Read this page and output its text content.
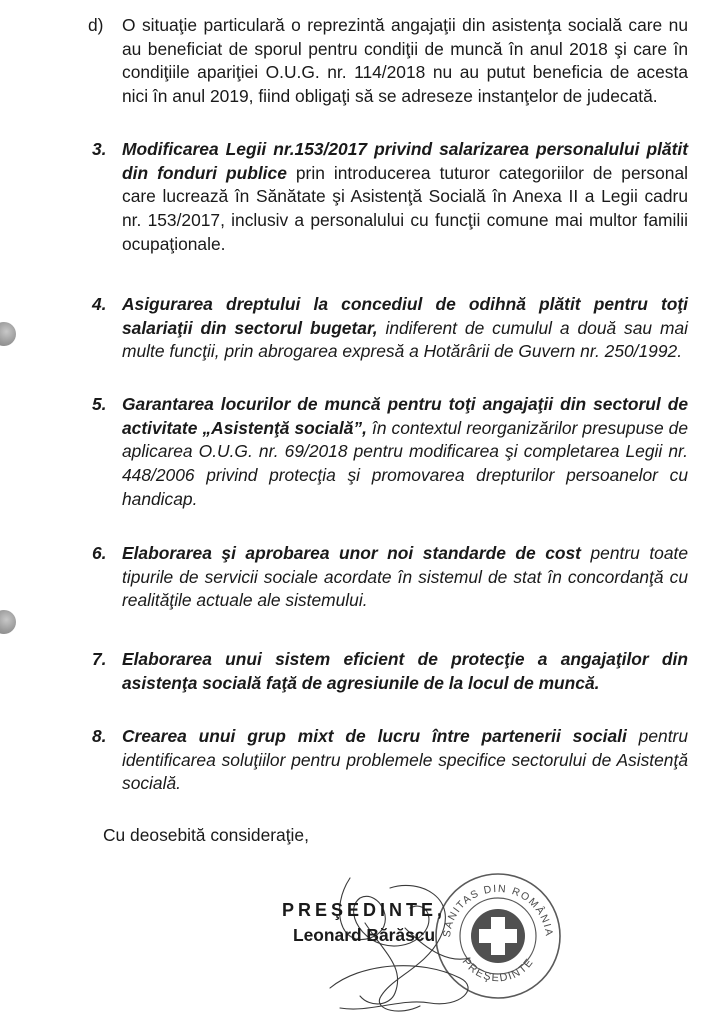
d) O situaţie particulară o reprezintă angajaţii din asistenţa socială care nu au beneficiat de sporul pentru condiţii de muncă în anul 2018 şi care în condiţiile apariţiei O.U.G. nr. 114/2018 nu au putut beneficia de acesta nici în anul 2019, fiind obligaţi să se adreseze instanţelor de judecată.

3. Modificarea Legii nr.153/2017 privind salarizarea personalului plătit din fonduri publice prin introducerea tuturor categoriilor de personal care lucrează în Sănătate şi Asistenţă Socială în Anexa II a Legii cadru nr. 153/2017, inclusiv a personalului cu funcţii comune mai multor familii ocupaţionale.

4. Asigurarea dreptului la concediul de odihnă plătit pentru toţi salariaţii din sectorul bugetar, indiferent de cumulul a două sau mai multe funcţii, prin abrogarea expresă a Hotărârii de Guvern nr. 250/1992.

5. Garantarea locurilor de muncă pentru toţi angajaţii din sectorul de activitate „Asistenţă socială”, în contextul reorganizărilor presupuse de aplicarea O.U.G. nr. 69/2018 pentru modificarea şi completarea Legii nr. 448/2006 privind protecţia şi promovarea drepturilor persoanelor cu handicap.

6. Elaborarea şi aprobarea unor noi standarde de cost pentru toate tipurile de servicii sociale acordate în sistemul de stat în concordanţă cu realităţile actuale ale sistemului.

7. Elaborarea unui sistem eficient de protecţie a angajaţilor din asistenţa socială faţă de agresiunile de la locul de muncă.

8. Crearea unui grup mixt de lucru între partenerii sociali pentru identificarea soluţiilor pentru problemele specifice sectorului de Asistenţă socială.

Cu deosebită consideraţie,
SANITAS DIN ROMÂNIA
PREŞEDINTE
PREŞEDINTE,
Leonard Bărăscu
